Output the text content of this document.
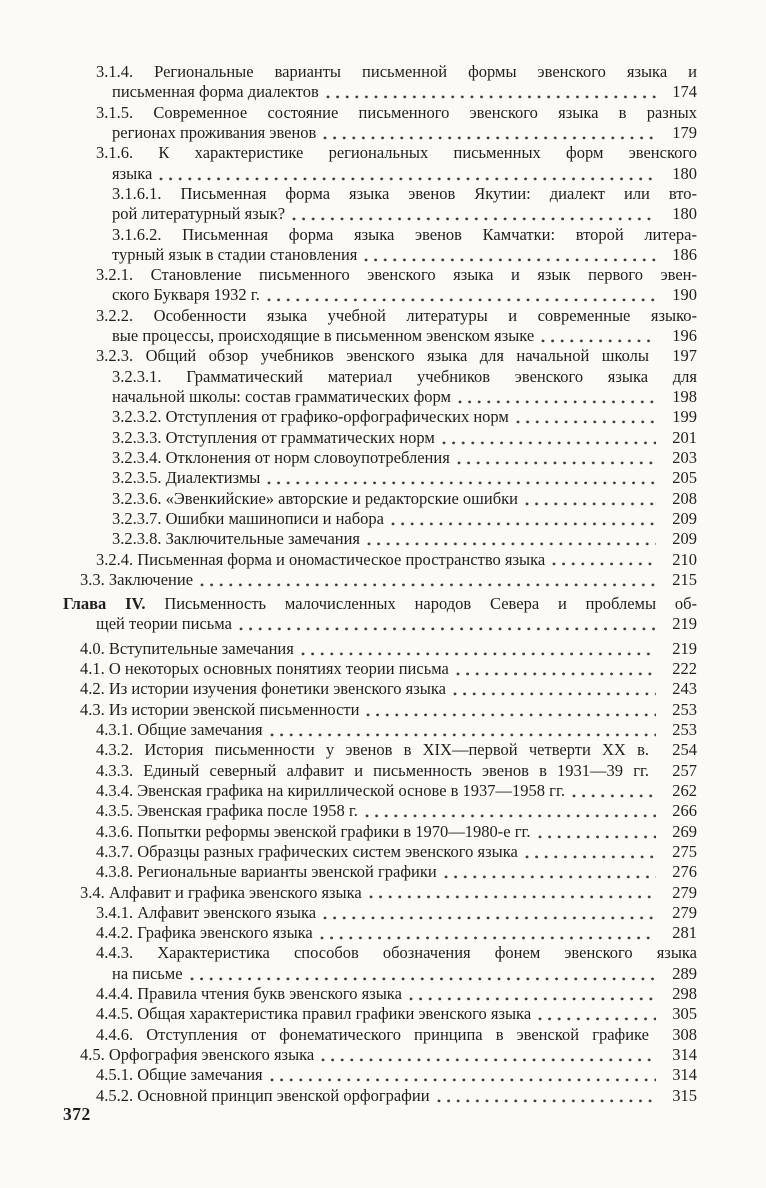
3.1.4. Региональные варианты письменной формы эвенского языка и
письменная форма диалектов	174
3.1.5. Современное состояние письменного эвенского языка в разных
регионах проживания эвенов	179
3.1.6. К характеристике региональных письменных форм эвенского
языка	180
3.1.6.1. Письменная форма языка эвенов Якутии: диалект или вто-
рой литературный язык?	180
3.1.6.2. Письменная форма языка эвенов Камчатки: второй литера-
турный язык в стадии становления	186
3.2.1. Становление письменного эвенского языка и язык первого эвен-
ского Букваря 1932 г.	190
3.2.2. Особенности языка учебной литературы и современные языко-
вые процессы, происходящие в письменном эвенском языке	196
3.2.3. Общий обзор учебников эвенского языка для начальной школы	197
3.2.3.1. Грамматический материал учебников эвенского языка для
начальной школы: состав грамматических форм	198
3.2.3.2. Отступления от графико-орфографических норм	199
3.2.3.3. Отступления от грамматических норм	201
3.2.3.4. Отклонения от норм словоупотребления	203
3.2.3.5. Диалектизмы	205
3.2.3.6. «Эвенкийские» авторские и редакторские ошибки	208
3.2.3.7. Ошибки машинописи и набора	209
3.2.3.8. Заключительные замечания	209
3.2.4. Письменная форма и ономастическое пространство языка	210
3.3. Заключение	215
Глава IV. Письменность малочисленных народов Севера и проблемы об-
щей теории письма	219
4.0. Вступительные замечания	219
4.1. О некоторых основных понятиях теории письма	222
4.2. Из истории изучения фонетики эвенского языка	243
4.3. Из истории эвенской письменности	253
4.3.1. Общие замечания	253
4.3.2. История письменности у эвенов в XIX—первой четверти XX в.	254
4.3.3. Единый северный алфавит и письменность эвенов в 1931—39 гг.	257
4.3.4. Эвенская графика на кириллической основе в 1937—1958 гг.	262
4.3.5. Эвенская графика после 1958 г.	266
4.3.6. Попытки реформы эвенской графики в 1970—1980-е гг.	269
4.3.7. Образцы разных графических систем эвенского языка	275
4.3.8. Региональные варианты эвенской графики	276
3.4. Алфавит и графика эвенского языка	279
3.4.1. Алфавит эвенского языка	279
4.4.2. Графика эвенского языка	281
4.4.3. Характеристика способов обозначения фонем эвенского языка
на письме	289
4.4.4. Правила чтения букв эвенского языка	298
4.4.5. Общая характеристика правил графики эвенского языка	305
4.4.6. Отступления от фонематического принципа в эвенской графике	308
4.5. Орфография эвенского языка	314
4.5.1. Общие замечания	314
4.5.2. Основной принцип эвенской орфографии	315
372
